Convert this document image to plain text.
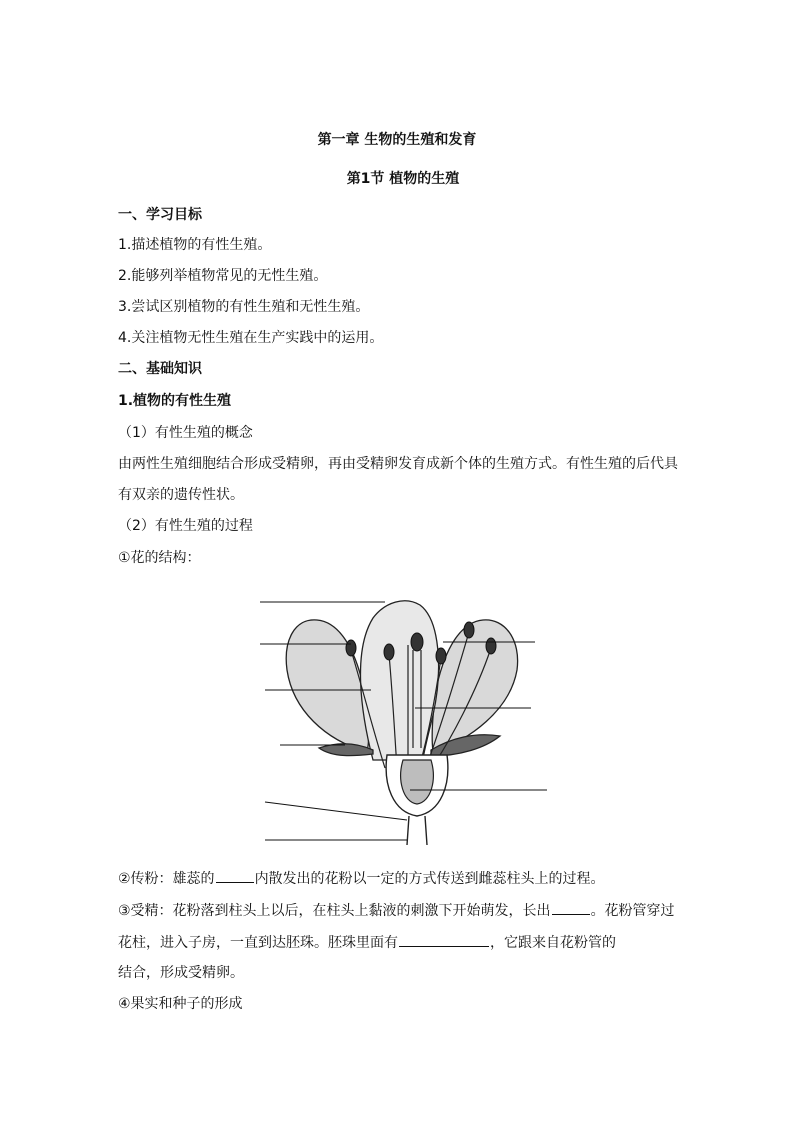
第一章 生物的生殖和发育
第1节 植物的生殖
一、学习目标
1.描述植物的有性生殖。
2.能够列举植物常见的无性生殖。
3.尝试区别植物的有性生殖和无性生殖。
4.关注植物无性生殖在生产实践中的运用。
二、基础知识
1.植物的有性生殖
（1）有性生殖的概念
由两性生殖细胞结合形成受精卵，再由受精卵发育成新个体的生殖方式。有性生殖的后代具
有双亲的遗传性状。
（2）有性生殖的过程
①花的结构：
②传粉：雄蕊的	内散发出的花粉以一定的方式传送到雌蕊柱头上的过程。
③受精：花粉落到柱头上以后，在柱头上黏液的刺激下开始萌发，长出	。花粉管穿过
花柱，进入子房，一直到达胚珠。胚珠里面有	，它跟来自花粉管的
结合，形成受精卵。
④果实和种子的形成
